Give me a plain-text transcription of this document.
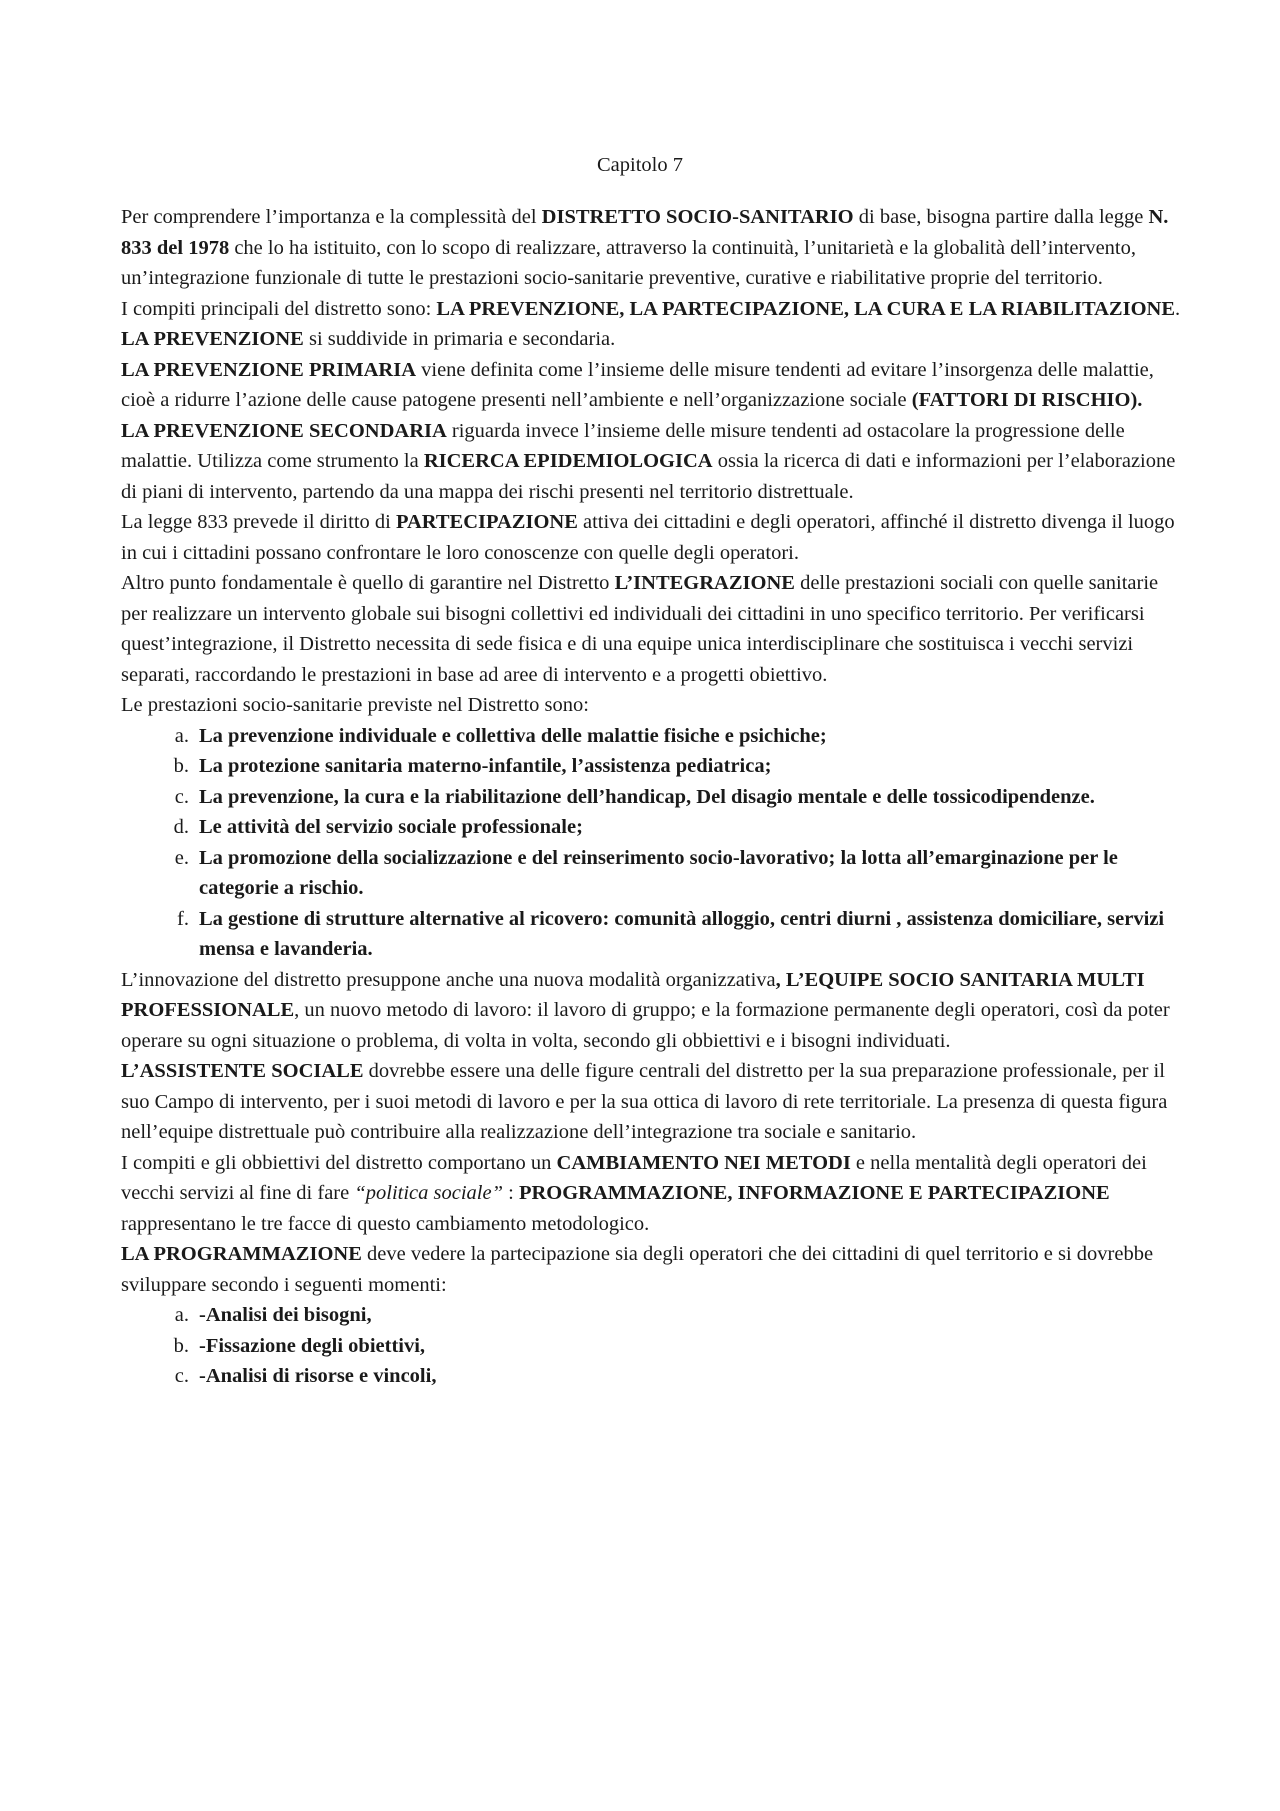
Capitolo 7

Per comprendere l’importanza e la complessità del DISTRETTO SOCIO-SANITARIO di base, bisogna partire dalla legge N. 833 del 1978 che lo ha istituito, con lo scopo di realizzare, attraverso la continuità, l’unitarietà e la globalità dell’intervento, un’integrazione funzionale di tutte le prestazioni socio-sanitarie preventive, curative e riabilitative proprie del territorio.

I compiti principali del distretto sono: LA PREVENZIONE, LA PARTECIPAZIONE, LA CURA E LA RIABILITAZIONE.

LA PREVENZIONE si suddivide in primaria e secondaria.

LA PREVENZIONE PRIMARIA viene definita come l’insieme delle misure tendenti ad evitare l’insorgenza delle malattie, cioè a ridurre l’azione delle cause patogene presenti nell’ambiente e nell’organizzazione sociale (FATTORI DI RISCHIO).

LA PREVENZIONE SECONDARIA riguarda invece l’insieme delle misure tendenti ad ostacolare la progressione delle malattie. Utilizza come strumento la RICERCA EPIDEMIOLOGICA ossia la ricerca di dati e informazioni per l’elaborazione di piani di intervento, partendo da una mappa dei rischi presenti nel territorio distrettuale.

La legge 833 prevede il diritto di PARTECIPAZIONE attiva dei cittadini e degli operatori, affinché il distretto divenga il luogo in cui i cittadini possano confrontare le loro conoscenze con quelle degli operatori.

Altro punto fondamentale è quello di garantire nel Distretto L’INTEGRAZIONE delle prestazioni sociali con quelle sanitarie per realizzare un intervento globale sui bisogni collettivi ed individuali dei cittadini in uno specifico territorio. Per verificarsi quest’integrazione, il Distretto necessita di sede fisica e di una equipe unica interdisciplinare che sostituisca i vecchi servizi separati, raccordando le prestazioni in base ad aree di intervento e a progetti obiettivo.

Le prestazioni socio-sanitarie previste nel Distretto sono:

a. La prevenzione individuale e collettiva delle malattie fisiche e psichiche;
b. La protezione sanitaria materno-infantile, l’assistenza pediatrica;
c. La prevenzione, la cura e la riabilitazione dell’handicap, Del disagio mentale e delle tossicodipendenze.
d. Le attività del servizio sociale professionale;
e. La promozione della socializzazione e del reinserimento socio-lavorativo; la lotta all’emarginazione per le categorie a rischio.
f. La gestione di strutture alternative al ricovero: comunità alloggio, centri diurni , assistenza domiciliare, servizi mensa e lavanderia.

L’innovazione del distretto presuppone anche una nuova modalità organizzativa, L’EQUIPE SOCIO SANITARIA MULTI PROFESSIONALE, un nuovo metodo di lavoro: il lavoro di gruppo; e la formazione permanente degli operatori, così da poter operare su ogni situazione o problema, di volta in volta, secondo gli obbiettivi e i bisogni individuati.

L’ASSISTENTE SOCIALE dovrebbe essere una delle figure centrali del distretto per la sua preparazione professionale, per il suo Campo di intervento, per i suoi metodi di lavoro e per la sua ottica di lavoro di rete territoriale. La presenza di questa figura nell’equipe distrettuale può contribuire alla realizzazione dell’integrazione tra sociale e sanitario.

I compiti e gli obbiettivi del distretto comportano un CAMBIAMENTO NEI METODI e nella mentalità degli operatori dei vecchi servizi al fine di fare “politica sociale” : PROGRAMMAZIONE, INFORMAZIONE E PARTECIPAZIONE rappresentano le tre facce di questo cambiamento metodologico.

LA PROGRAMMAZIONE deve vedere la partecipazione sia degli operatori che dei cittadini di quel territorio e si dovrebbe sviluppare secondo i seguenti momenti:

a. -Analisi dei bisogni,
b. -Fissazione degli obiettivi,
c. -Analisi di risorse e vincoli,
